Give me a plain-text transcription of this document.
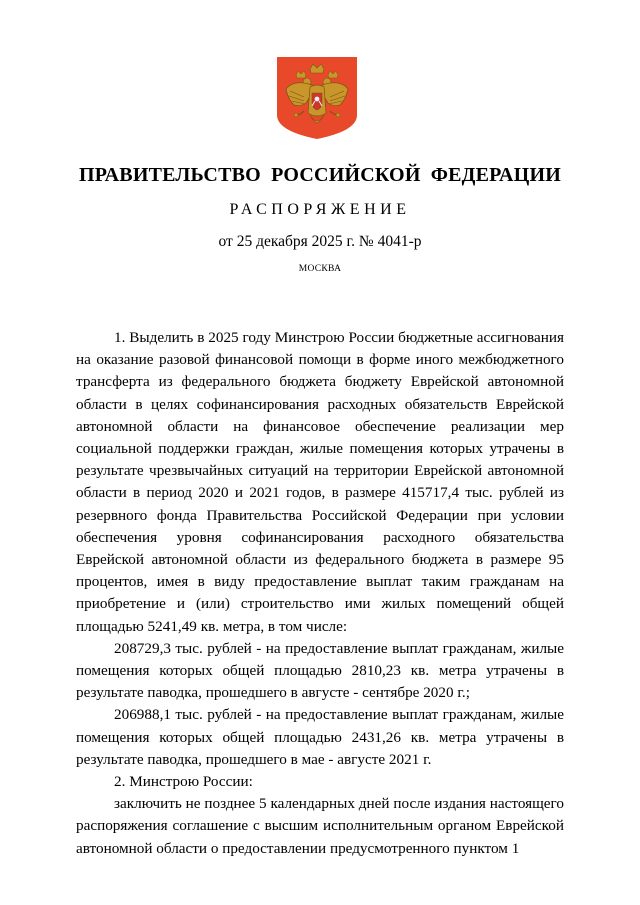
ПРАВИТЕЛЬСТВО РОССИЙСКОЙ ФЕДЕРАЦИИ
РАСПОРЯЖЕНИЕ
от 25 декабря 2025 г. № 4041-р
МОСКВА

1. Выделить в 2025 году Минстрою России бюджетные ассигнования на оказание разовой финансовой помощи в форме иного межбюджетного трансферта из федерального бюджета бюджету Еврейской автономной области в целях софинансирования расходных обязательств Еврейской автономной области на финансовое обеспечение реализации мер социальной поддержки граждан, жилые помещения которых утрачены в результате чрезвычайных ситуаций на территории Еврейской автономной области в период 2020 и 2021 годов, в размере 415717,4 тыс. рублей из резервного фонда Правительства Российской Федерации при условии обеспечения уровня софинансирования расходного обязательства Еврейской автономной области из федерального бюджета в размере 95 процентов, имея в виду предоставление выплат таким гражданам на приобретение и (или) строительство ими жилых помещений общей площадью 5241,49 кв. метра, в том числе:

208729,3 тыс. рублей - на предоставление выплат гражданам, жилые помещения которых общей площадью 2810,23 кв. метра утрачены в результате паводка, прошедшего в августе - сентябре 2020 г.;

206988,1 тыс. рублей - на предоставление выплат гражданам, жилые помещения которых общей площадью 2431,26 кв. метра утрачены в результате паводка, прошедшего в мае - августе 2021 г.

2. Минстрою России:

заключить не позднее 5 календарных дней после издания настоящего распоряжения соглашение с высшим исполнительным органом Еврейской автономной области о предоставлении предусмотренного пунктом 1
